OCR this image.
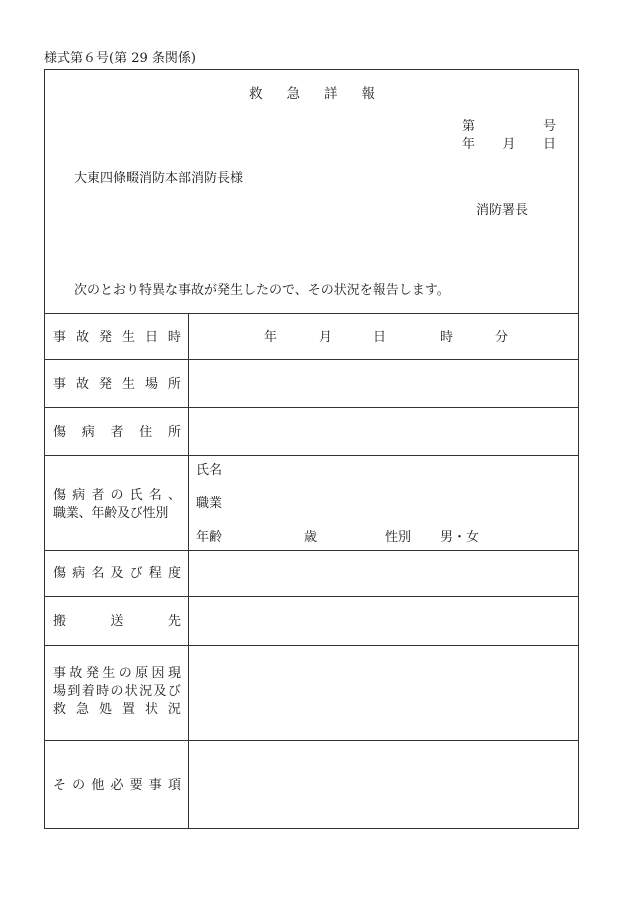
様式第６号(第 29 条関係)
救 急 詳 報
第	号
年 月 日
大東四條畷消防本部消防長様
消防署長
次のとおり特異な事故が発生したので、その状況を報告します。
事 故 発 生 日 時	年	月	日	時	分
事 故 発 生 場 所
傷 病 者 住 所
傷 病 者 の 氏 名 、
職業、年齢及び性別
氏名
職業
年齢	歳	性別 男・女
傷 病 名 及 び 程 度
搬	送	先
事 故 発 生 の 原 因 現
場 到 着 時 の 状 況 及 び
救 急 処 置 状 況
そ の 他 必 要 事 項
